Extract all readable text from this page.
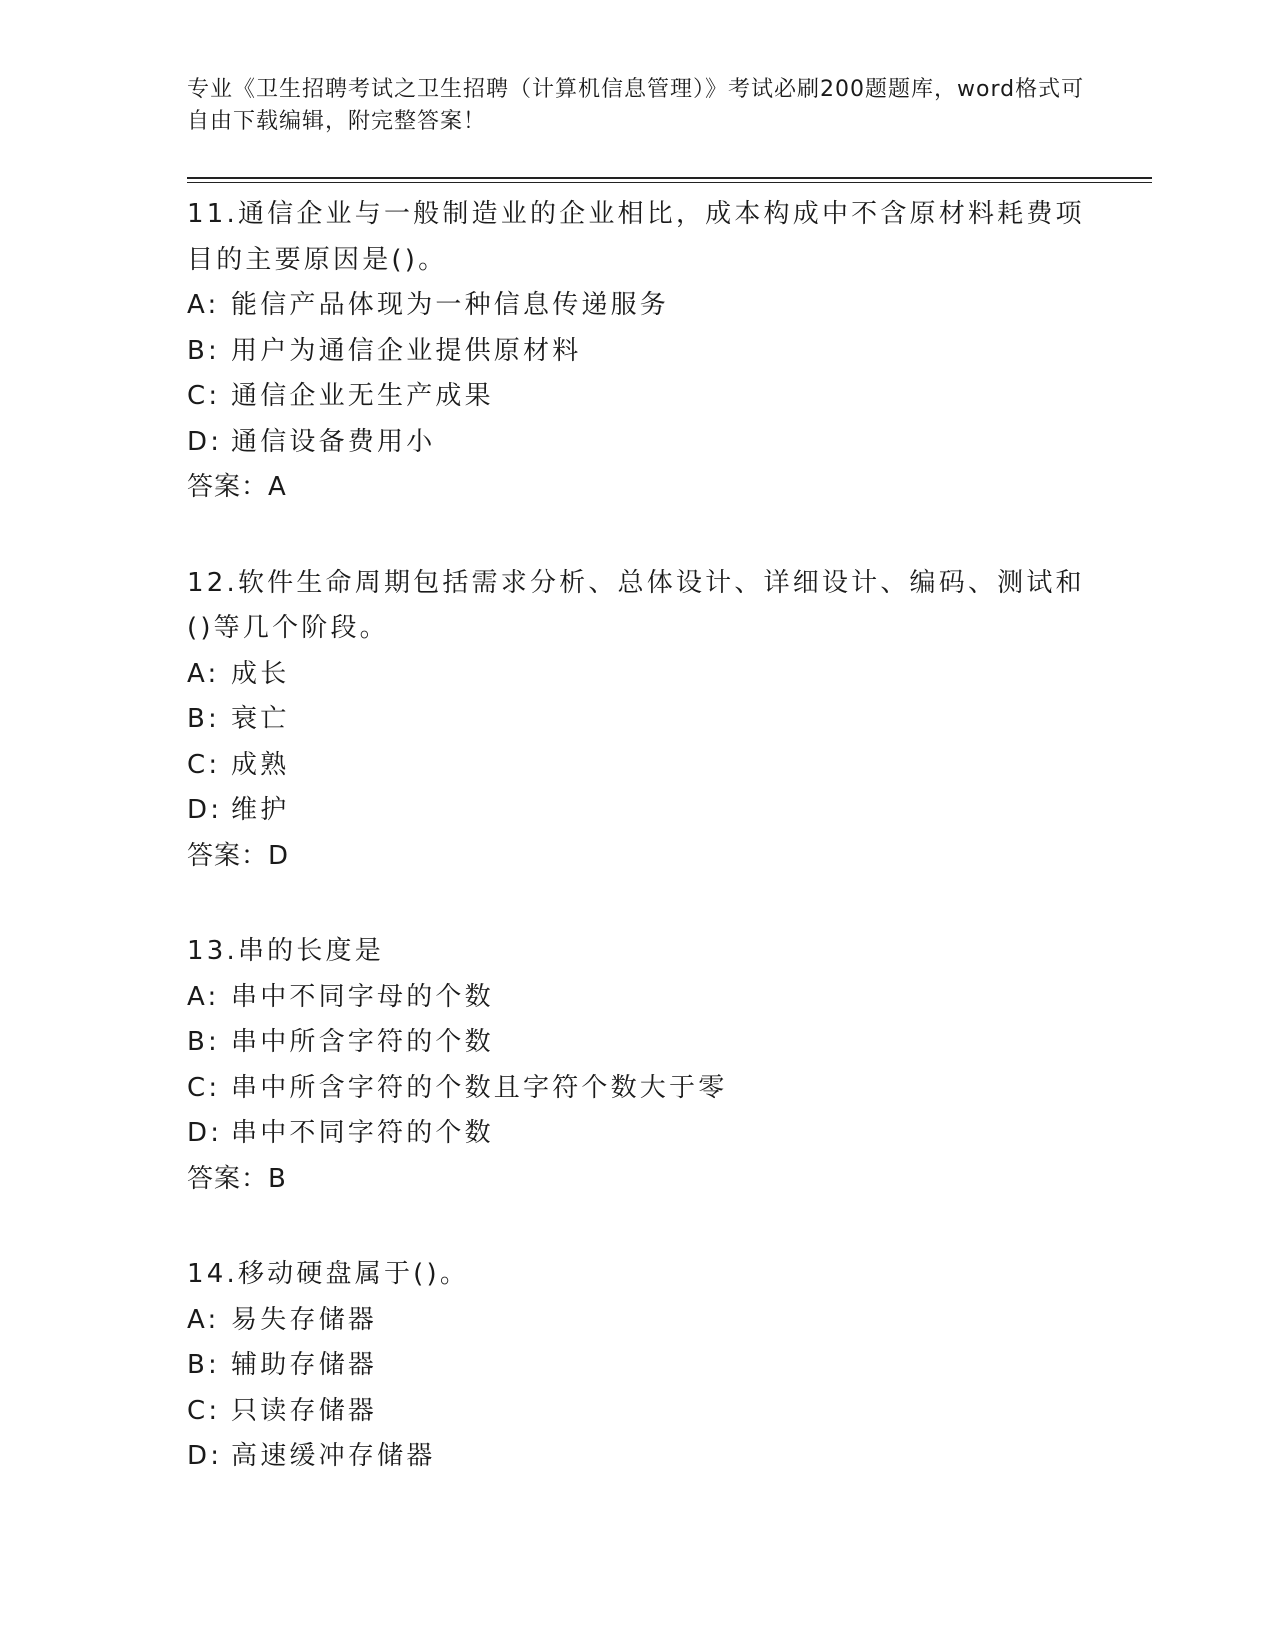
专业《卫生招聘考试之卫生招聘（计算机信息管理）》考试必刷200题题库，word格式可自由下载编辑，附完整答案！

11.通信企业与一般制造业的企业相比，成本构成中不含原材料耗费项目的主要原因是()。

A: 能信产品体现为一种信息传递服务
B: 用户为通信企业提供原材料
C: 通信企业无生产成果
D: 通信设备费用小
答案：A

12.软件生命周期包括需求分析、总体设计、详细设计、编码、测试和()等几个阶段。

A: 成长
B: 衰亡
C: 成熟
D: 维护
答案：D

13.串的长度是

A: 串中不同字母的个数
B: 串中所含字符的个数
C: 串中所含字符的个数且字符个数大于零
D: 串中不同字符的个数
答案：B

14.移动硬盘属于()。

A: 易失存储器
B: 辅助存储器
C: 只读存储器
D: 高速缓冲存储器
